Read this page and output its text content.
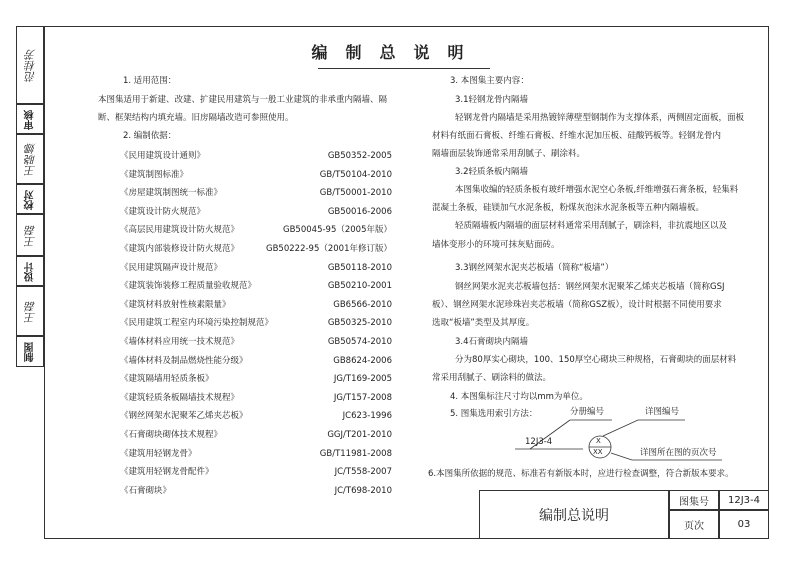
范桂芳
审核
王晓娜
校对
王磊
设计
王磊
制图
编制总说明
1. 适用范围：
本图集适用于新建、改建、扩建民用建筑与一般工业建筑的非承重内隔墙、隔
断、框架结构内填充墙。旧房隔墙改造可参照使用。
2. 编制依据：
《民用建筑设计通则》	GB50352-2005
《建筑制图标准》	GB/T50104-2010
《房屋建筑制图统一标准》	GB/T50001-2010
《建筑设计防火规范》	GB50016-2006
《高层民用建筑设计防火规范》	GB50045-95（2005年版）
《建筑内部装修设计防火规范》	GB50222-95（2001年修订版）
《民用建筑隔声设计规范》	GB50118-2010
《建筑装饰装修工程质量验收规范》	GB50210-2001
《建筑材料放射性核素限量》	GB6566-2010
《民用建筑工程室内环境污染控制规范》	GB50325-2010
《墙体材料应用统一技术规范》	GB50574-2010
《墙体材料及制品燃烧性能分级》	GB8624-2006
《建筑隔墙用轻质条板》	JG/T169-2005
《建筑轻质条板隔墙技术规程》	JG/T157-2008
《钢丝网架水泥聚苯乙烯夹芯板》	JC623-1996
《石膏砌块砌体技术规程》	GGJ/T201-2010
《建筑用轻钢龙骨》	GB/T11981-2008
《建筑用轻钢龙骨配件》	JC/T558-2007
《石膏砌块》	JC/T698-2010
3. 本图集主要内容：
3.1轻钢龙骨内隔墙
轻钢龙骨内隔墙是采用热镀锌薄壁型钢制作为支撑体系，两侧固定面板，面板
材料有纸面石膏板、纤维石膏板、纤维水泥加压板、硅酸钙板等。轻钢龙骨内
隔墙面层装饰通常采用刮腻子、刷涂料。
3.2轻质条板内隔墙
本图集收编的轻质条板有玻纤增强水泥空心条板,纤维增强石膏条板，轻集料
混凝土条板，硅镁加气水泥条板，粉煤灰泡沫水泥条板等五种内隔墙板。
轻质隔墙板内隔墙的面层材料通常采用刮腻子，刷涂料，非抗震地区以及
墙体变形小的环境可抹灰贴面砖。
3.3钢丝网架水泥夹芯板墙（简称“板墙”）
钢丝网架水泥夹芯板墙包括：钢丝网架水泥聚苯乙烯夹芯板墙（简称GSJ
板）、钢丝网架水泥珍珠岩夹芯板墙（简称GSZ板），设计时根据不同使用要求
选取“板墙”类型及其厚度。
3.4石膏砌块内隔墙
分为80厚实心砌块，100、150厚空心砌块三种规格，石膏砌块的面层材料
常采用刮腻子、刷涂料的做法。
4. 本图集标注尺寸均以mm为单位。
5. 图集选用索引方法：	分册编号	详图编号
12J3-4	X
XX	详图所在图的页次号
6.本图集所依据的规范、标准若有新版本时，应进行检查调整，符合新版本要求。
编制总说明
图集号 12J3-4
页次	03
